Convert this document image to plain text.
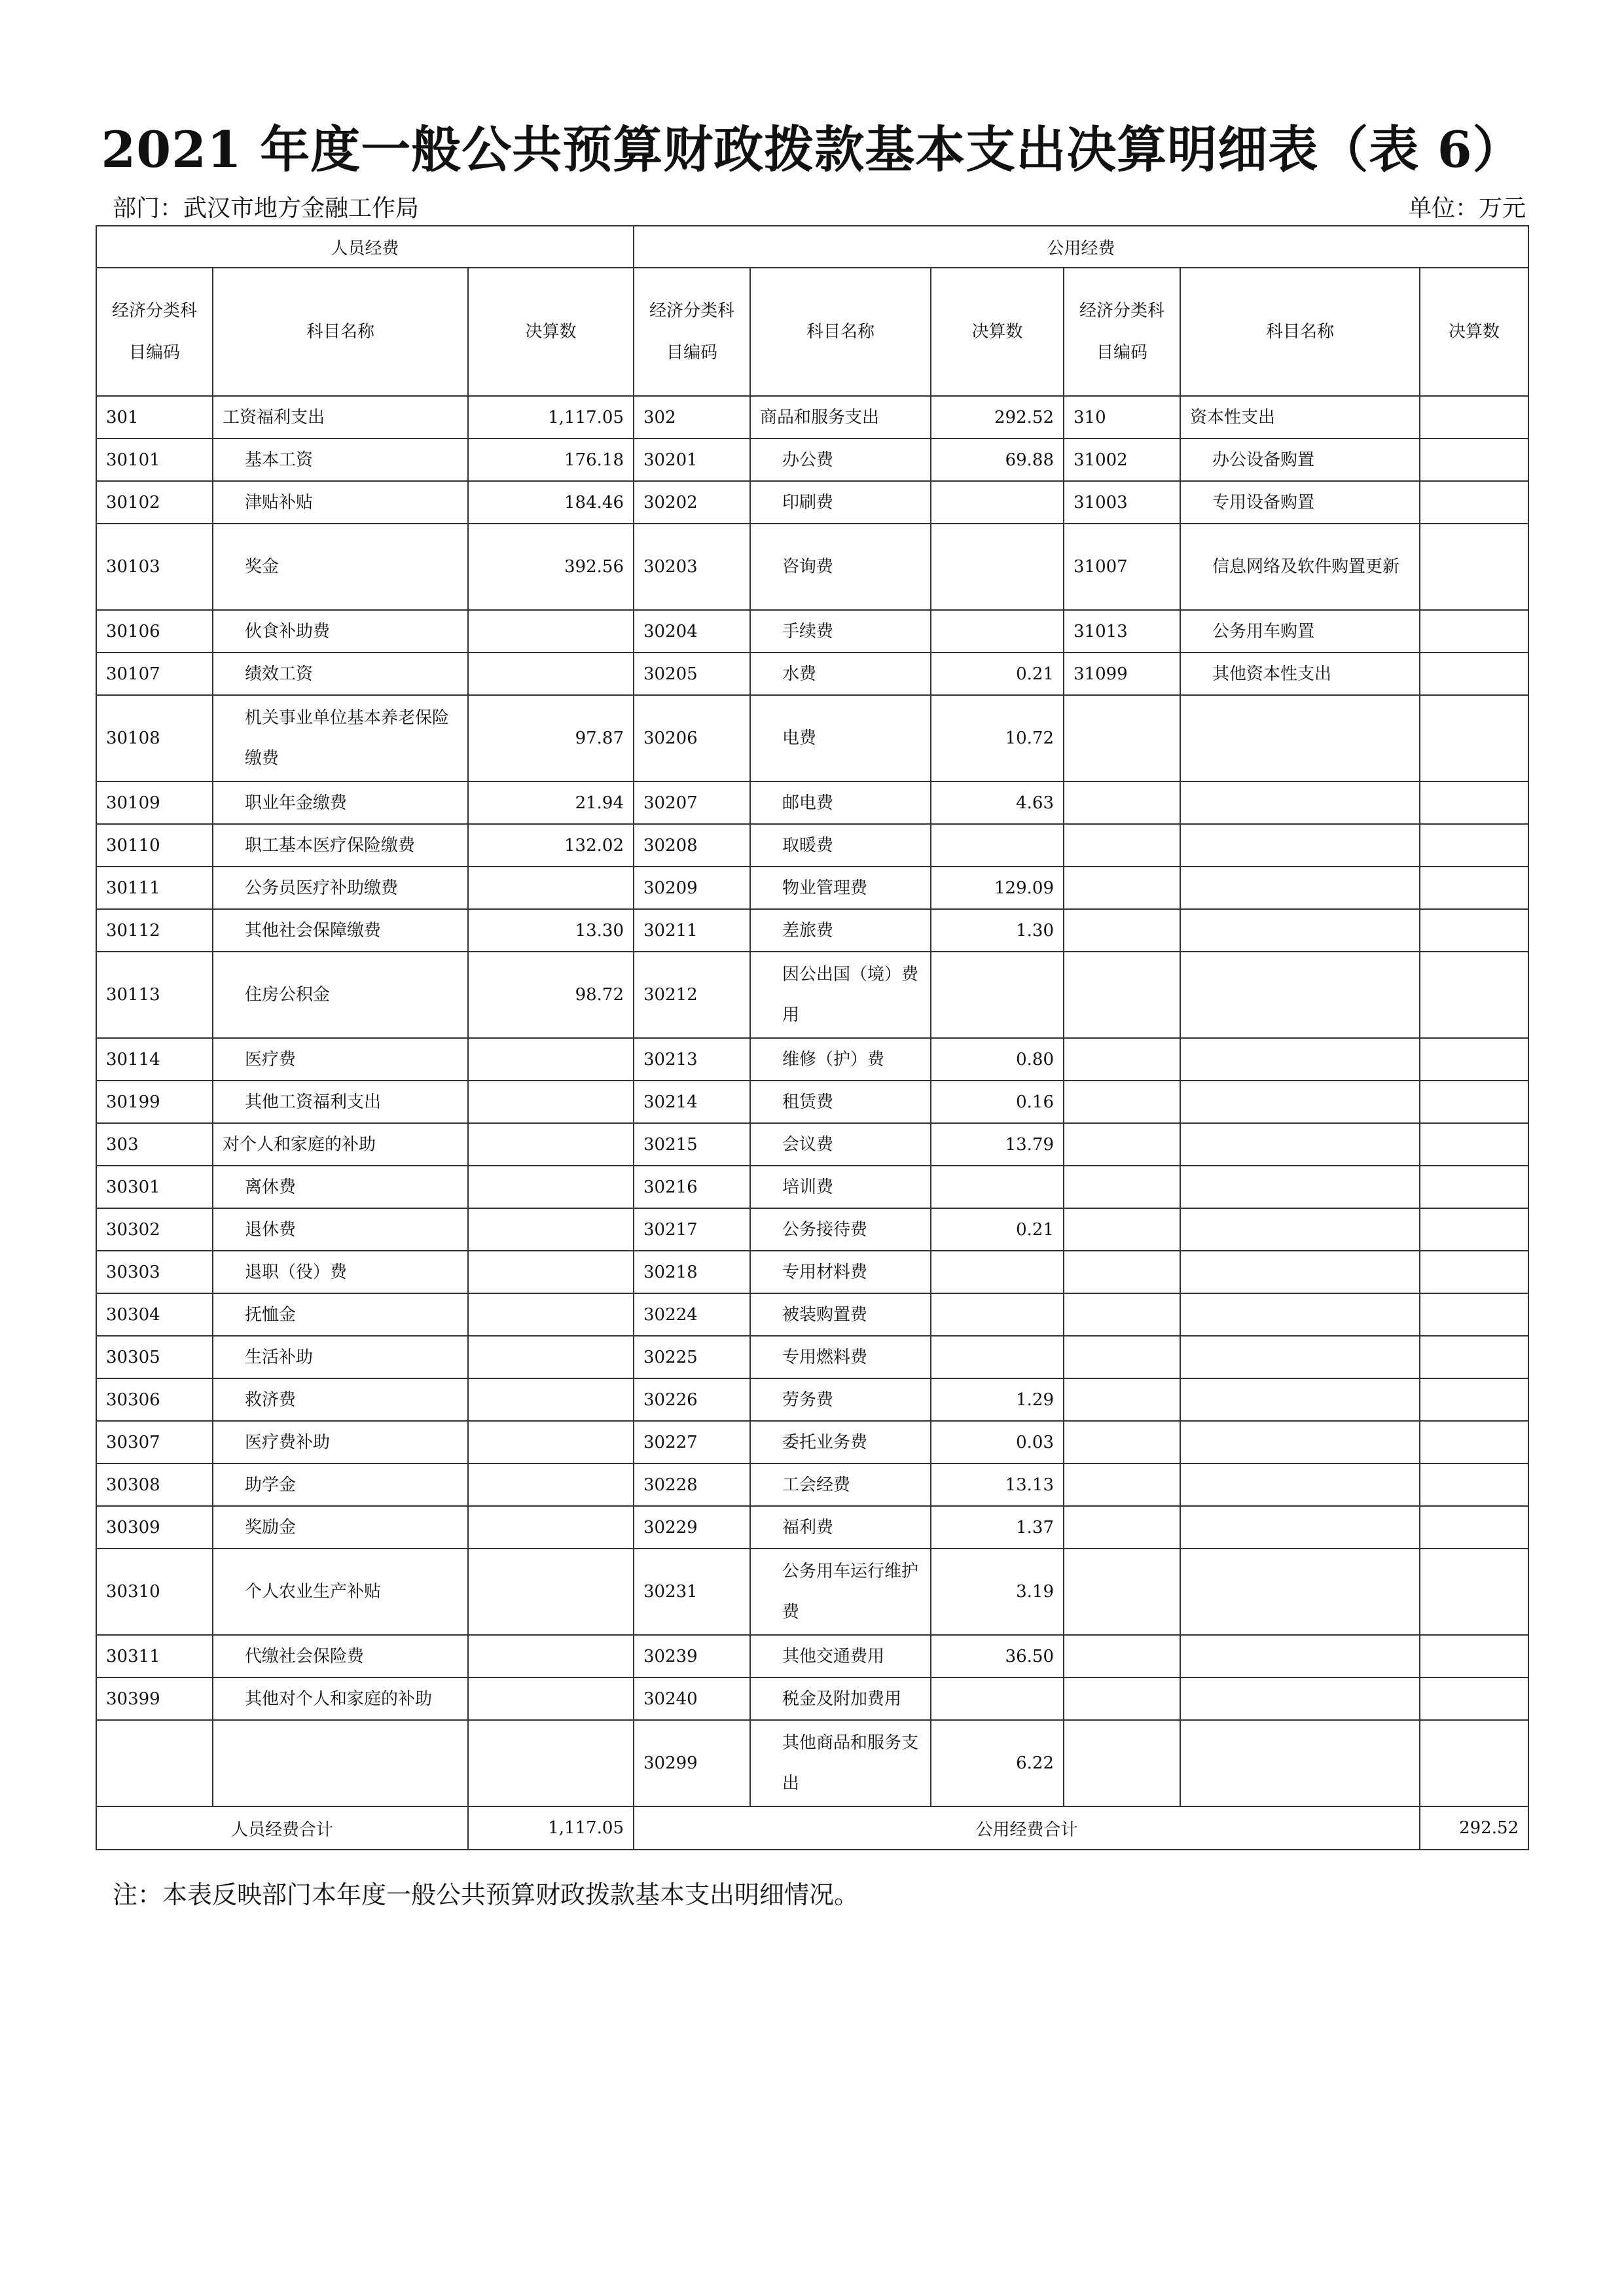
2021 年度一般公共预算财政拨款基本支出决算明细表（表 6）
部门：武汉市地方金融工作局	单位：万元
人员经费			公用经费					
经济分类科目编码	科目名称	决算数	经济分类科目编码	科目名称	决算数	经济分类科目编码	科目名称	决算数
301	工资福利支出	1,117.05	302	商品和服务支出	292.52	310	资本性支出	
30101	基本工资	176.18	30201	办公费	69.88	31002	办公设备购置	
30102	津贴补贴	184.46	30202	印刷费		31003	专用设备购置	
30103	奖金	392.56	30203	咨询费		31007	信息网络及软件购置更新	
30106	伙食补助费		30204	手续费		31013	公务用车购置	
30107	绩效工资		30205	水费	0.21	31099	其他资本性支出	
30108	机关事业单位基本养老保险缴费	97.87	30206	电费	10.72			
30109	职业年金缴费	21.94	30207	邮电费	4.63			
30110	职工基本医疗保险缴费	132.02	30208	取暖费				
30111	公务员医疗补助缴费		30209	物业管理费	129.09			
30112	其他社会保障缴费	13.30	30211	差旅费	1.30			
30113	住房公积金	98.72	30212	因公出国（境）费用				
30114	医疗费		30213	维修（护）费	0.80			
30199	其他工资福利支出		30214	租赁费	0.16			
303	对个人和家庭的补助		30215	会议费	13.79			
30301	离休费		30216	培训费				
30302	退休费		30217	公务接待费	0.21			
30303	退职（役）费		30218	专用材料费				
30304	抚恤金		30224	被装购置费				
30305	生活补助		30225	专用燃料费				
30306	救济费		30226	劳务费	1.29			
30307	医疗费补助		30227	委托业务费	0.03			
30308	助学金		30228	工会经费	13.13			
30309	奖励金		30229	福利费	1.37			
30310	个人农业生产补贴		30231	公务用车运行维护费	3.19			
30311	代缴社会保险费		30239	其他交通费用	36.50			
30399	其他对个人和家庭的补助		30240	税金及附加费用				
			30299	其他商品和服务支出	6.22			
人员经费合计		1,117.05	公用经费合计					292.52
注：本表反映部门本年度一般公共预算财政拨款基本支出明细情况。
